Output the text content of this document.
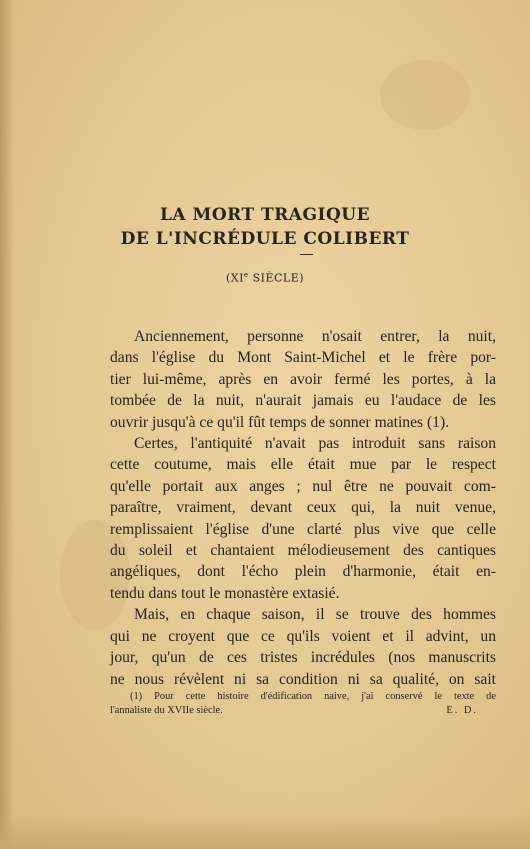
LA MORT TRAGIQUE
DE L'INCRÉDULE COLIBERT
(XIe SIÈCLE)

Anciennement, personne n'osait entrer, la nuit,
dans l'église du Mont Saint-Michel et le frère por-
tier lui-même, après en avoir fermé les portes, à la
tombée de la nuit, n'aurait jamais eu l'audace de les
ouvrir jusqu'à ce qu'il fût temps de sonner matines (1).

Certes, l'antiquité n'avait pas introduit sans raison
cette coutume, mais elle était mue par le respect
qu'elle portait aux anges ; nul être ne pouvait com-
paraître, vraiment, devant ceux qui, la nuit venue,
remplissaient l'église d'une clarté plus vive que celle
du soleil et chantaient mélodieusement des cantiques
angéliques, dont l'écho plein d'harmonie, était en-
tendu dans tout le monastère extasié.

Mais, en chaque saison, il se trouve des hommes
qui ne croyent que ce qu'ils voient et il advint, un
jour, qu'un de ces tristes incrédules (nos manuscrits
ne nous révèlent ni sa condition ni sa qualité, on sait

(1) Pour cette histoire d'édification naive, j'ai conservé le texte de
l'annaliste du XVIIe siècle.	E. D.
